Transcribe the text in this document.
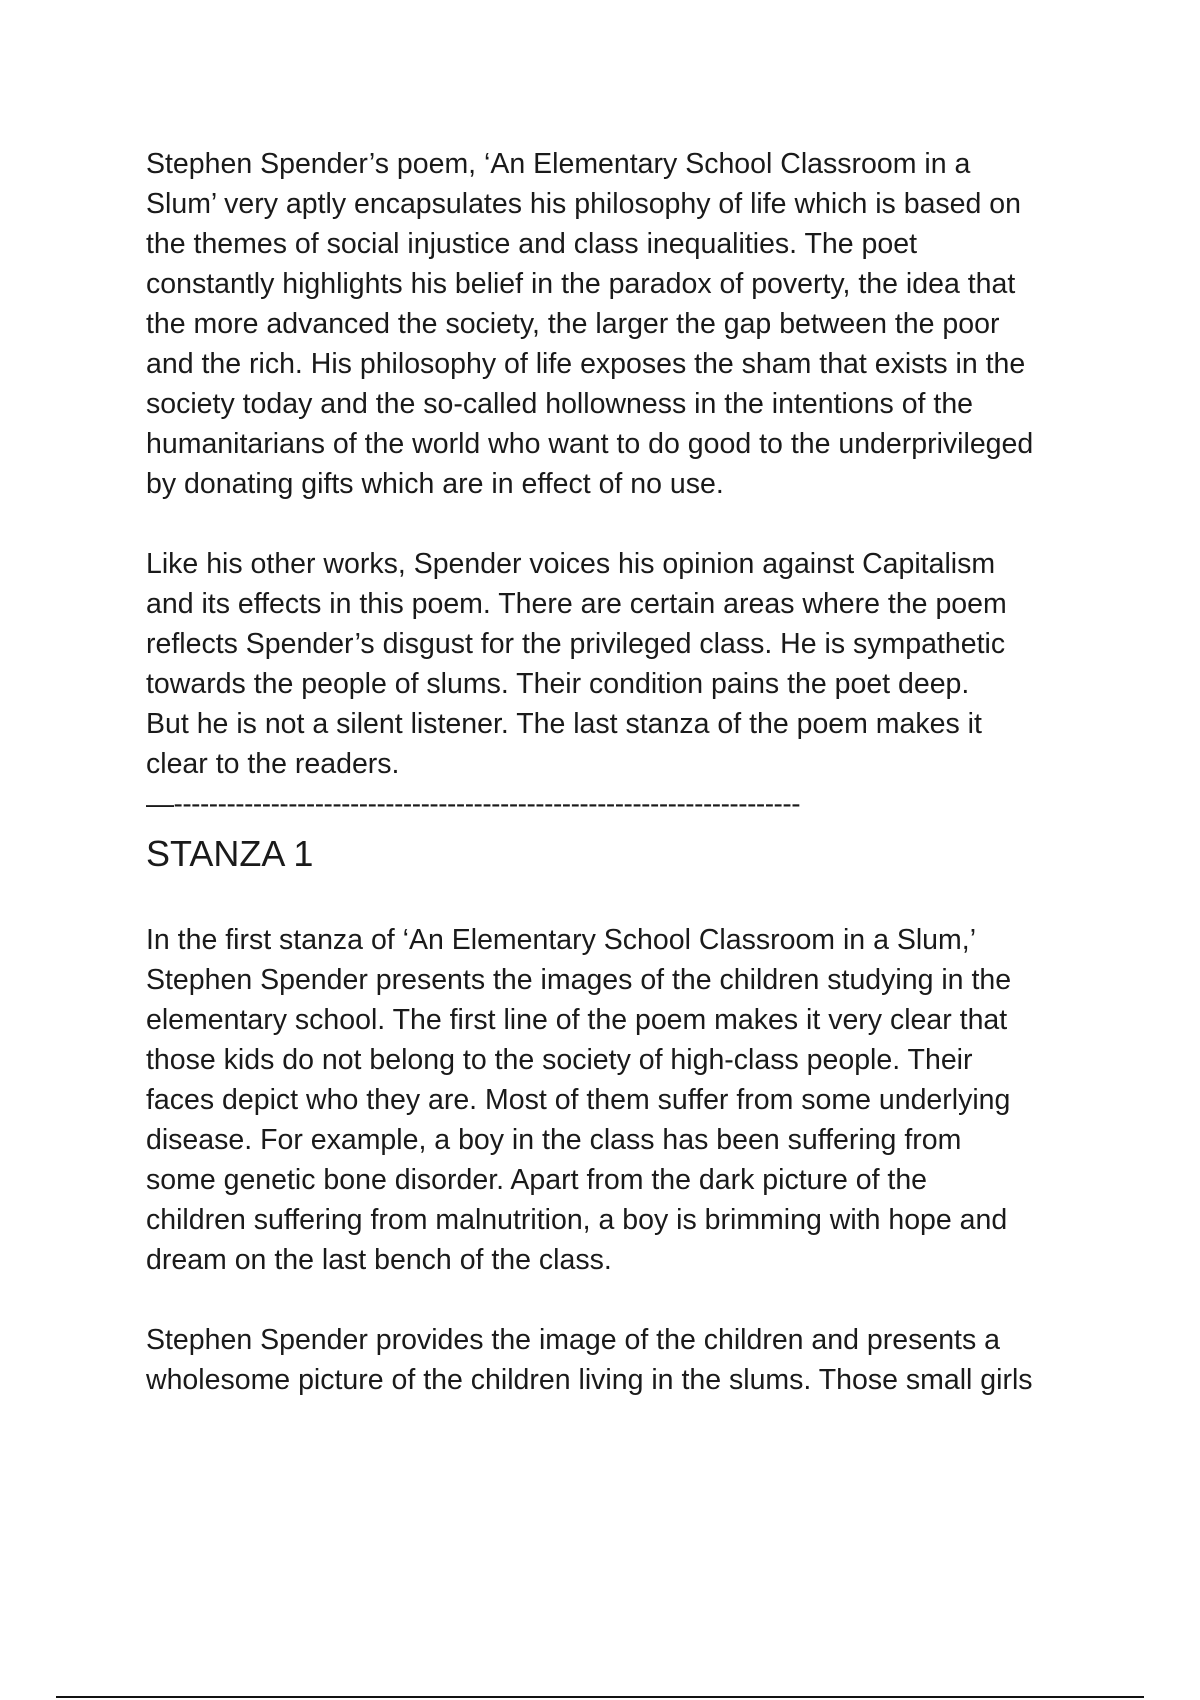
Stephen Spender’s poem, ‘An Elementary School Classroom in a
Slum’ very aptly encapsulates his philosophy of life which is based on
the themes of social injustice and class inequalities. The poet
constantly highlights his belief in the paradox of poverty, the idea that
the more advanced the society, the larger the gap between the poor
and the rich. His philosophy of life exposes the sham that exists in the
society today and the so-called hollowness in the intentions of the
humanitarians of the world who want to do good to the underprivileged
by donating gifts which are in effect of no use.

Like his other works, Spender voices his opinion against Capitalism
and its effects in this poem. There are certain areas where the poem
reflects Spender’s disgust for the privileged class. He is sympathetic
towards the people of slums. Their condition pains the poet deep.
But he is not a silent listener. The last stanza of the poem makes it
clear to the readers.

—-----------------------------------------------------------------------

STANZA 1

In the first stanza of ‘An Elementary School Classroom in a Slum,’
Stephen Spender presents the images of the children studying in the
elementary school. The first line of the poem makes it very clear that
those kids do not belong to the society of high-class people. Their
faces depict who they are. Most of them suffer from some underlying
disease. For example, a boy in the class has been suffering from
some genetic bone disorder. Apart from the dark picture of the
children suffering from malnutrition, a boy is brimming with hope and
dream on the last bench of the class.

Stephen Spender provides the image of the children and presents a
wholesome picture of the children living in the slums. Those small girls
